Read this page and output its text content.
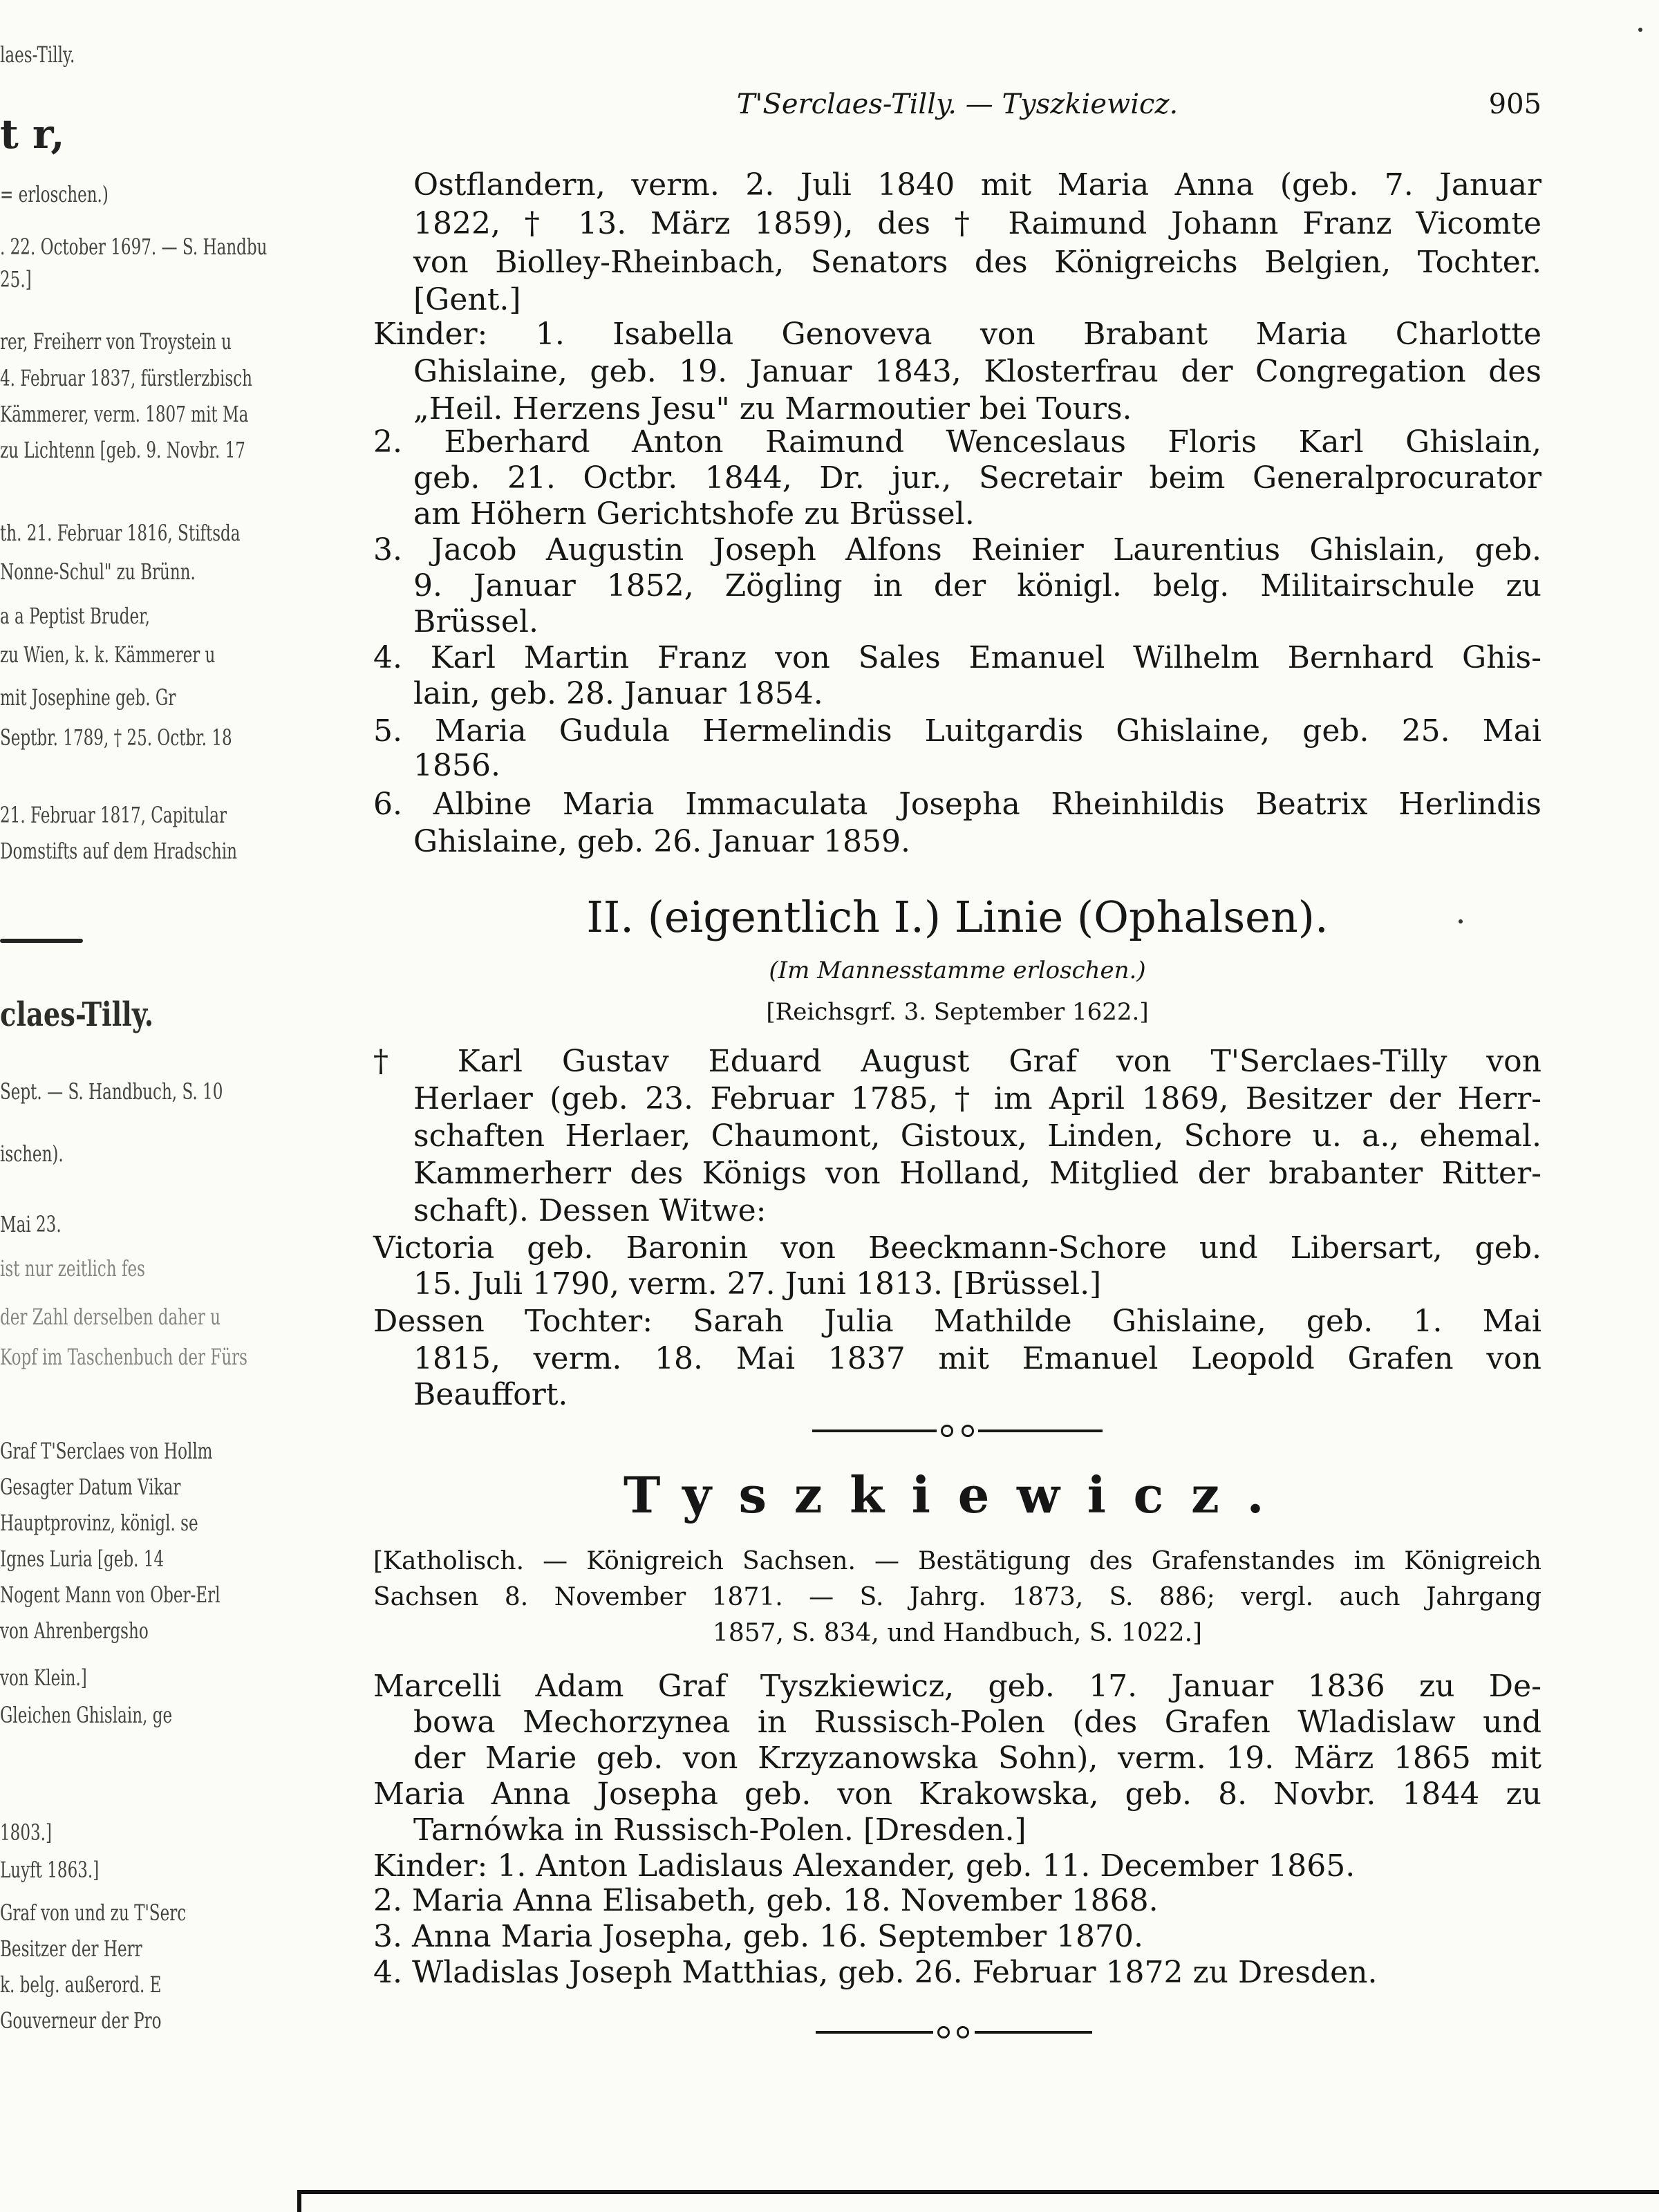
laes-Tilly.
t r,
= erloschen.)
. 22. October 1697. — S. Handbu
25.]
rer, Freiherr von Troystein u
4. Februar 1837, fürstlerzbisch
Kämmerer, verm. 1807 mit Ma
zu Lichtenn [geb. 9. Novbr. 17
th. 21. Februar 1816, Stiftsda
Nonne-Schul" zu Brünn.
a a Peptist Bruder,
zu Wien, k. k. Kämmerer u
mit Josephine geb. Gr
Septbr. 1789, † 25. Octbr. 18
21. Februar 1817, Capitular
Domstifts auf dem Hradschin
claes-Tilly.
Sept. — S. Handbuch, S. 10
ischen).
Mai 23.
ist nur zeitlich fes
der Zahl derselben daher u
Kopf im Taschenbuch der Fürs
Graf T'Serclaes von Hollm
Gesagter Datum Vikar
Hauptprovinz, königl. se
Ignes Luria [geb. 14
Nogent Mann von Ober-Erl
von Ahrenbergsho
von Klein.]
Gleichen Ghislain, ge
1803.]
Luyft 1863.]
Graf von und zu T'Serc
Besitzer der Herr
k. belg. außerord. E
Gouverneur der Pro
T'Serclaes-Tilly. — Tyszkiewicz.	905
Ostflandern, verm. 2. Juli 1840 mit Maria Anna (geb. 7. Januar
1822, † 13. März 1859), des † Raimund Johann Franz Vicomte
von Biolley-Rheinbach, Senators des Königreichs Belgien, Tochter.
[Gent.]
Kinder: 1. Isabella Genoveva von Brabant Maria Charlotte
Ghislaine, geb. 19. Januar 1843, Klosterfrau der Congregation des
„Heil. Herzens Jesu" zu Marmoutier bei Tours.
2. Eberhard Anton Raimund Wenceslaus Floris Karl Ghislain,
geb. 21. Octbr. 1844, Dr. jur., Secretair beim Generalprocurator
am Höhern Gerichtshofe zu Brüssel.
3. Jacob Augustin Joseph Alfons Reinier Laurentius Ghislain, geb.
9. Januar 1852, Zögling in der königl. belg. Militairschule zu
Brüssel.
4. Karl Martin Franz von Sales Emanuel Wilhelm Bernhard Ghis-
lain, geb. 28. Januar 1854.
5. Maria Gudula Hermelindis Luitgardis Ghislaine, geb. 25. Mai
1856.
6. Albine Maria Immaculata Josepha Rheinhildis Beatrix Herlindis
Ghislaine, geb. 26. Januar 1859.
II. (eigentlich I.) Linie (Ophalsen).
(Im Mannesstamme erloschen.)
[Reichsgrf. 3. September 1622.]
† Karl Gustav Eduard August Graf von T'Serclaes-Tilly von
Herlaer (geb. 23. Februar 1785, † im April 1869, Besitzer der Herr-
schaften Herlaer, Chaumont, Gistoux, Linden, Schore u. a., ehemal.
Kammerherr des Königs von Holland, Mitglied der brabanter Ritter-
schaft). Dessen Witwe:
Victoria geb. Baronin von Beeckmann-Schore und Libersart, geb.
15. Juli 1790, verm. 27. Juni 1813. [Brüssel.]
Dessen Tochter: Sarah Julia Mathilde Ghislaine, geb. 1. Mai
1815, verm. 18. Mai 1837 mit Emanuel Leopold Grafen von
Beauffort.
Tyszkiewicz.
[Katholisch. — Königreich Sachsen. — Bestätigung des Grafenstandes im Königreich
Sachsen 8. November 1871. — S. Jahrg. 1873, S. 886; vergl. auch Jahrgang
1857, S. 834, und Handbuch, S. 1022.]
Marcelli Adam Graf Tyszkiewicz, geb. 17. Januar 1836 zu De-
bowa Mechorzynea in Russisch-Polen (des Grafen Wladislaw und
der Marie geb. von Krzyzanowska Sohn), verm. 19. März 1865 mit
Maria Anna Josepha geb. von Krakowska, geb. 8. Novbr. 1844 zu
Tarnówka in Russisch-Polen. [Dresden.]
Kinder: 1. Anton Ladislaus Alexander, geb. 11. December 1865.
2. Maria Anna Elisabeth, geb. 18. November 1868.
3. Anna Maria Josepha, geb. 16. September 1870.
4. Wladislas Joseph Matthias, geb. 26. Februar 1872 zu Dresden.
